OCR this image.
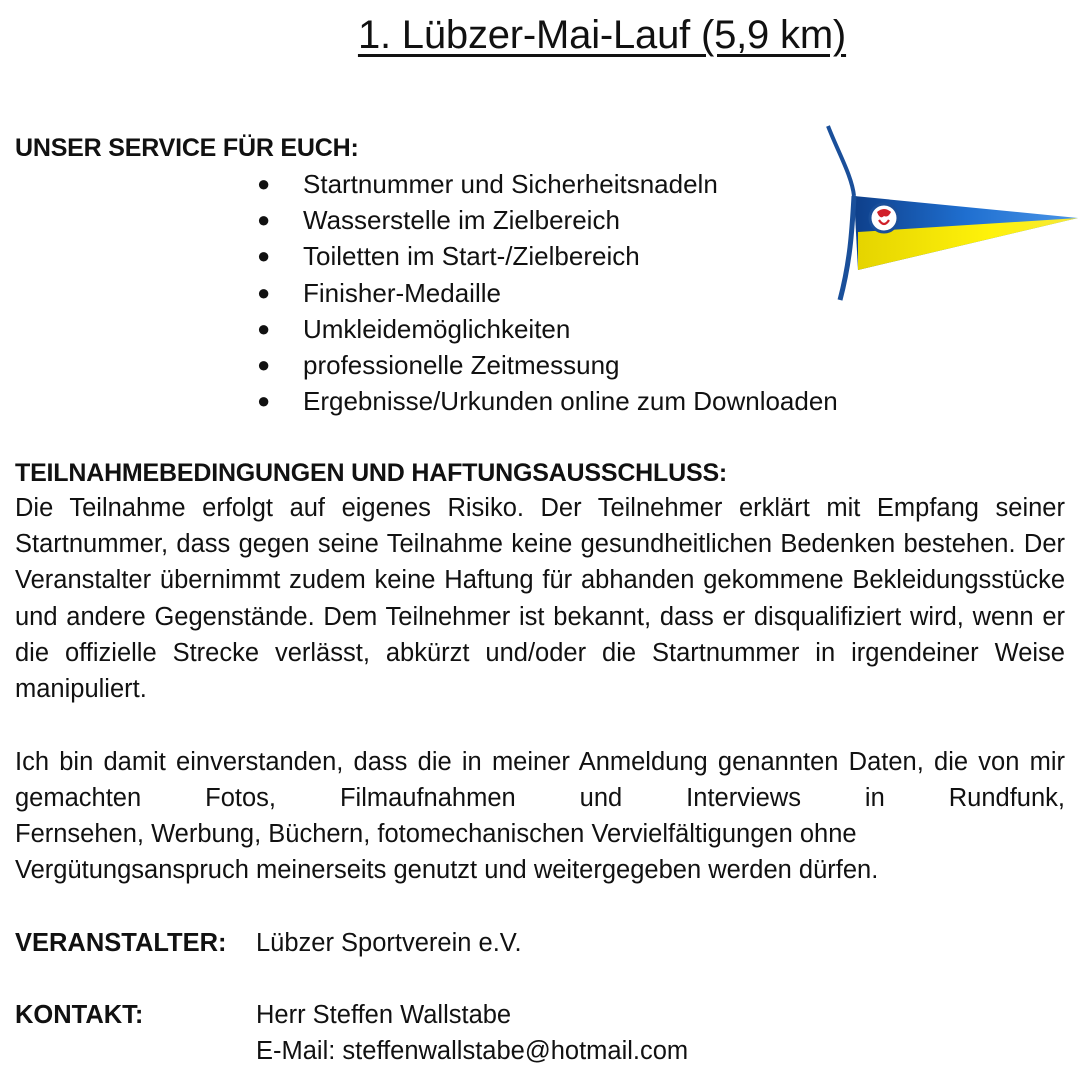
1. Lübzer-Mai-Lauf (5,9 km)
UNSER SERVICE FÜR EUCH:
● Startnummer und Sicherheitsnadeln
● Wasserstelle im Zielbereich
● Toiletten im Start-/Zielbereich
● Finisher-Medaille
● Umkleidemöglichkeiten
● professionelle Zeitmessung
● Ergebnisse/Urkunden online zum Downloaden
TEILNAHMEBEDINGUNGEN UND HAFTUNGSAUSSCHLUSS:

Die Teilnahme erfolgt auf eigenes Risiko. Der Teilnehmer erklärt mit Empfang seiner Startnummer, dass gegen seine Teilnahme keine gesundheitlichen Bedenken bestehen. Der Veranstalter übernimmt zudem keine Haftung für abhanden gekommene Bekleidungsstücke und andere Gegenstände. Dem Teilnehmer ist bekannt, dass er disqualifiziert wird, wenn er die offizielle Strecke verlässt, abkürzt und/oder die Startnummer in irgendeiner Weise manipuliert.

Ich bin damit einverstanden, dass die in meiner Anmeldung genannten Daten, die von mir gemachten Fotos, Filmaufnahmen und Interviews in Rundfunk,

Fernsehen, Werbung, Büchern, fotomechanischen Vervielfältigungen ohne
Vergütungsanspruch meinerseits genutzt und weitergegeben werden dürfen.
VERANSTALTER: Lübzer Sportverein e.V.
KONTAKT:	Herr Steffen Wallstabe
E-Mail: steffenwallstabe@hotmail.com
